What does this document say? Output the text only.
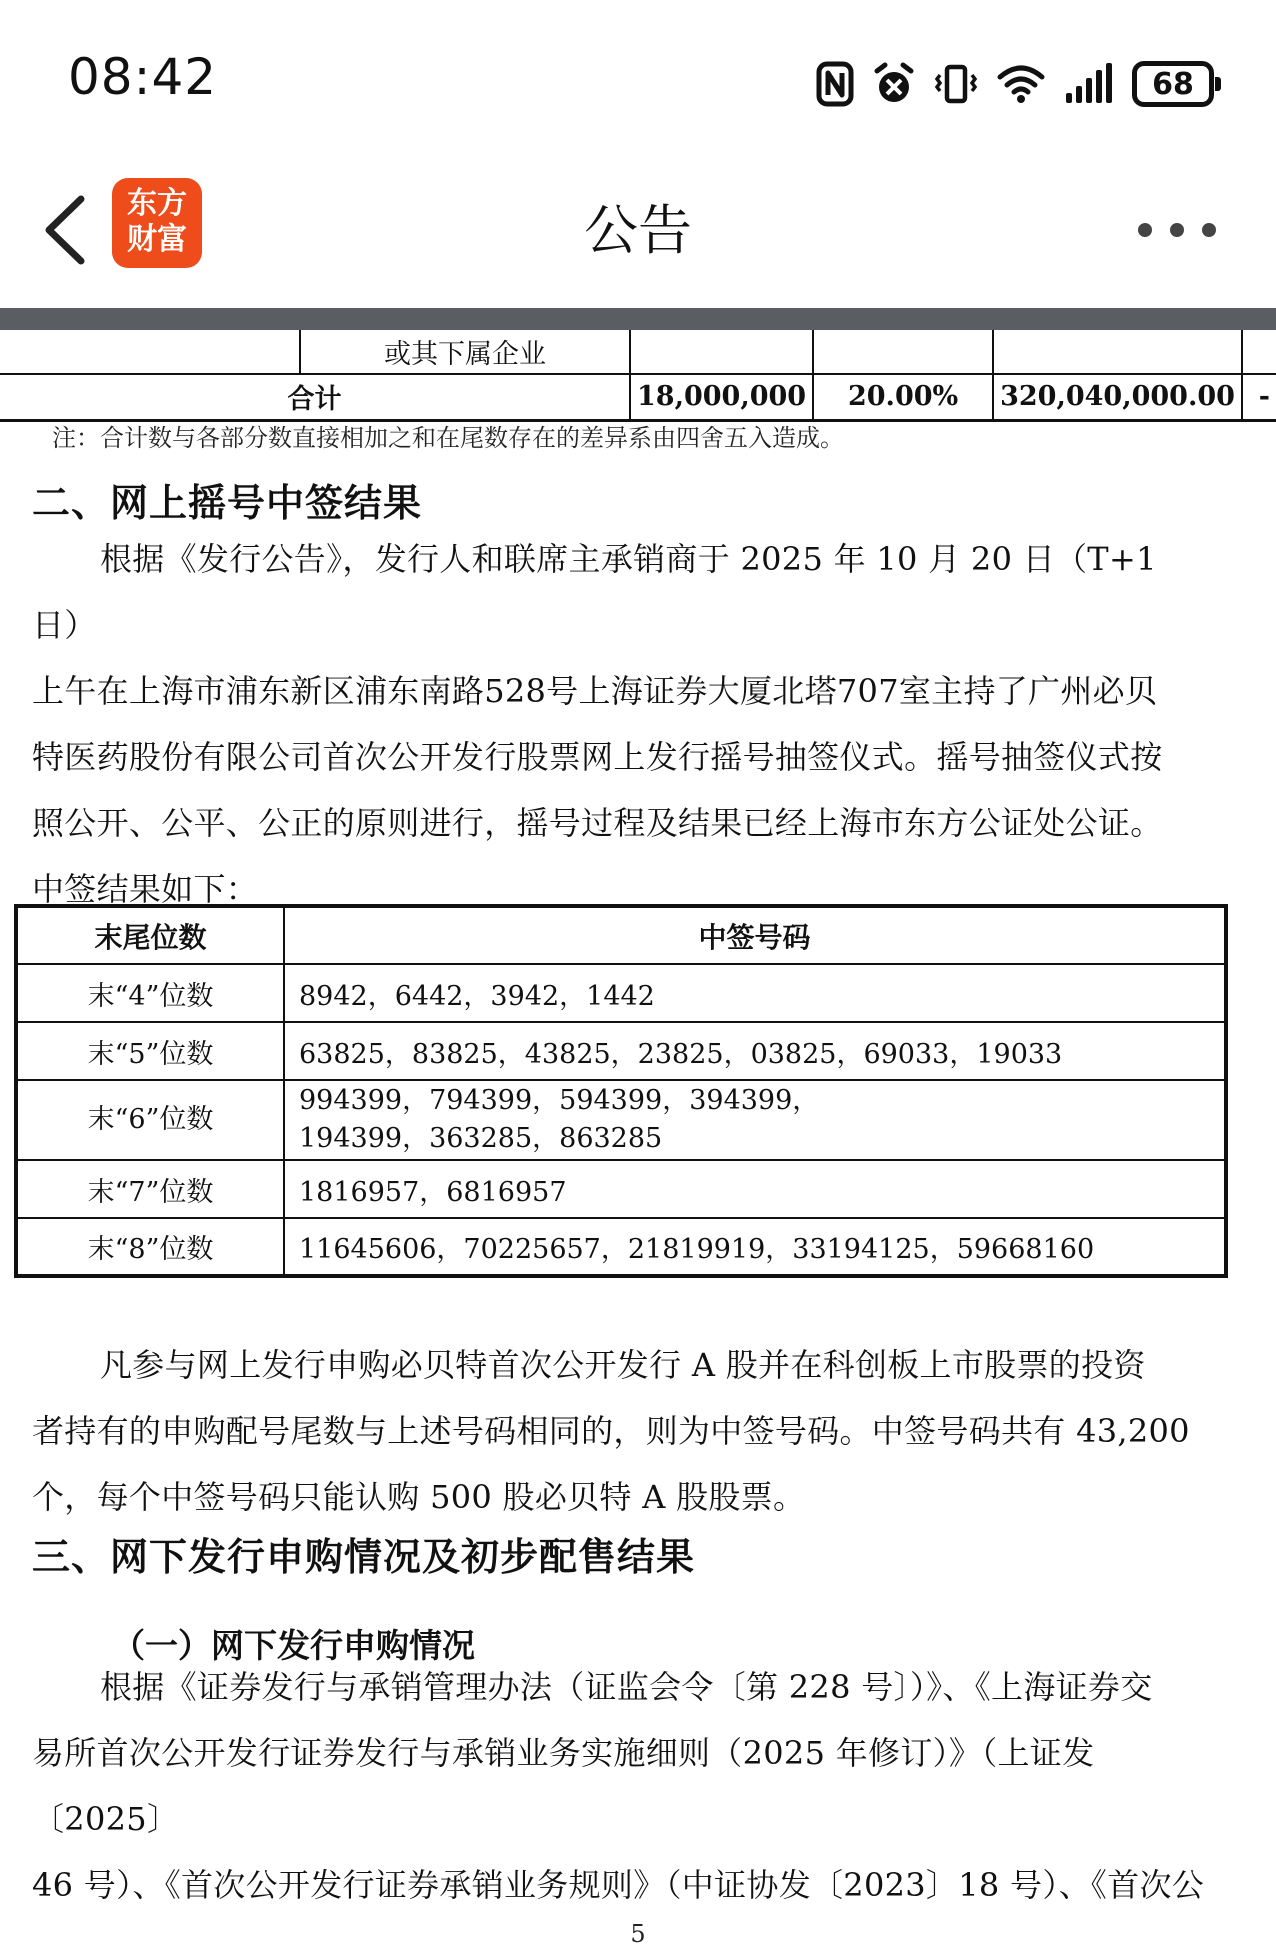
08:42	68
东方
财富	公告
	或其下属企业				
合计		18,000,000	20.00%	320,040,000.00	-
注：合计数与各部分数直接相加之和在尾数存在的差异系由四舍五入造成。
二、网上摇号中签结果
根据《发行公告》，发行人和联席主承销商于 2025 年 10 月 20 日（T+1 日）
上午在上海市浦东新区浦东南路528号上海证券大厦北塔707室主持了广州必贝
特医药股份有限公司首次公开发行股票网上发行摇号抽签仪式。摇号抽签仪式按
照公开、公平、公正的原则进行，摇号过程及结果已经上海市东方公证处公证。
中签结果如下：
末尾位数	中签号码
末“4”位数	8942，6442，3942，1442
末“5”位数	63825，83825，43825，23825，03825，69033，19033
末“6”位数	994399，794399，594399，394399，
194399，363285，863285

末“7”位数	1816957，6816957
末“8”位数	11645606，70225657，21819919，33194125，59668160
凡参与网上发行申购必贝特首次公开发行 A 股并在科创板上市股票的投资
者持有的申购配号尾数与上述号码相同的，则为中签号码。中签号码共有 43,200
个，每个中签号码只能认购 500 股必贝特 A 股股票。
三、网下发行申购情况及初步配售结果
（一）网下发行申购情况
根据《证券发行与承销管理办法（证监会令〔第 228 号〕）》、《上海证券交
易所首次公开发行证券发行与承销业务实施细则（2025 年修订）》（上证发〔2025〕
46 号）、《首次公开发行证券承销业务规则》（中证协发〔2023〕18 号）、《首次公
5
